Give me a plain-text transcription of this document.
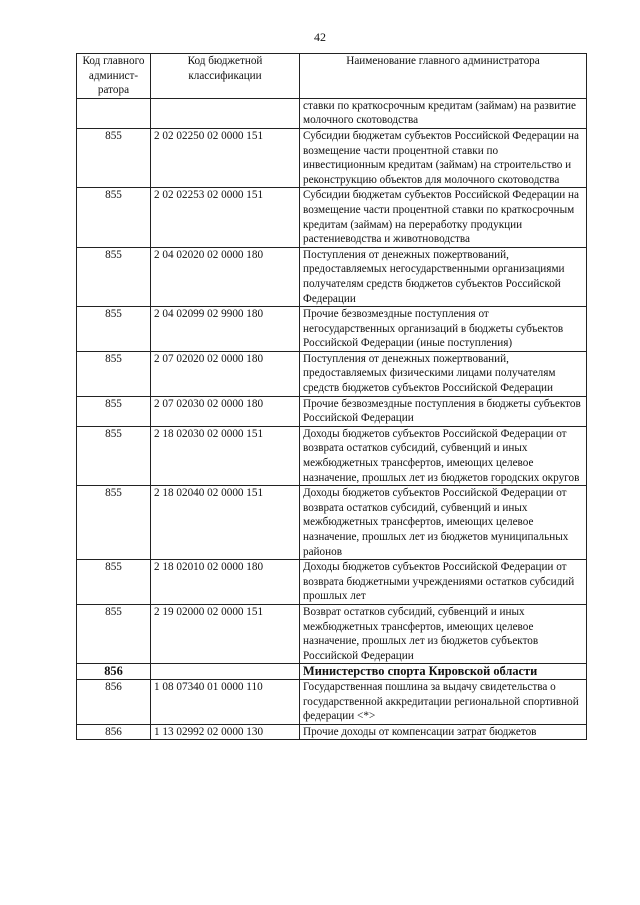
42
Код главного админист-ратора	Код бюджетной классификации	Наименование главного администратора
		ставки по краткосрочным кредитам (займам) на развитие молочного скотоводства
855	2 02 02250 02 0000 151	Субсидии бюджетам субъектов Российской Федерации на возмещение части процентной ставки по инвестиционным кредитам (займам) на строительство и реконструкцию объектов для молочного скотоводства
855	2 02 02253 02 0000 151	Субсидии бюджетам субъектов Российской Федерации на возмещение части процентной ставки по краткосрочным кредитам (займам) на переработку продукции растениеводства и животноводства
855	2 04 02020 02 0000 180	Поступления от денежных пожертвований, предоставляемых негосударственными организациями получателям средств бюджетов субъектов Российской Федерации
855	2 04 02099 02 9900 180	Прочие безвозмездные поступления от негосударственных организаций в бюджеты субъектов Российской Федерации (иные поступления)
855	2 07 02020 02 0000 180	Поступления от денежных пожертвований, предоставляемых физическими лицами получателям средств бюджетов субъектов Российской Федерации
855	2 07 02030 02 0000 180	Прочие безвозмездные поступления в бюджеты субъектов Российской Федерации
855	2 18 02030 02 0000 151	Доходы бюджетов субъектов Российской Федерации от возврата остатков субсидий, субвенций и иных межбюджетных трансфертов, имеющих целевое назначение, прошлых лет из бюджетов городских округов
855	2 18 02040 02 0000 151	Доходы бюджетов субъектов Российской Федерации от возврата остатков субсидий, субвенций и иных межбюджетных трансфертов, имеющих целевое назначение, прошлых лет из бюджетов муниципальных районов
855	2 18 02010 02 0000 180	Доходы бюджетов субъектов Российской Федерации от возврата бюджетными учреждениями остатков субсидий прошлых лет
855	2 19 02000 02 0000 151	Возврат остатков субсидий, субвенций и иных межбюджетных трансфертов, имеющих целевое назначение, прошлых лет из бюджетов субъектов Российской Федерации
856		Министерство спорта Кировской области
856	1 08 07340 01 0000 110	Государственная пошлина за выдачу свидетельства о государственной аккредитации региональной спортивной федерации <*>
856	1 13 02992 02 0000 130	Прочие доходы от компенсации затрат бюджетов
